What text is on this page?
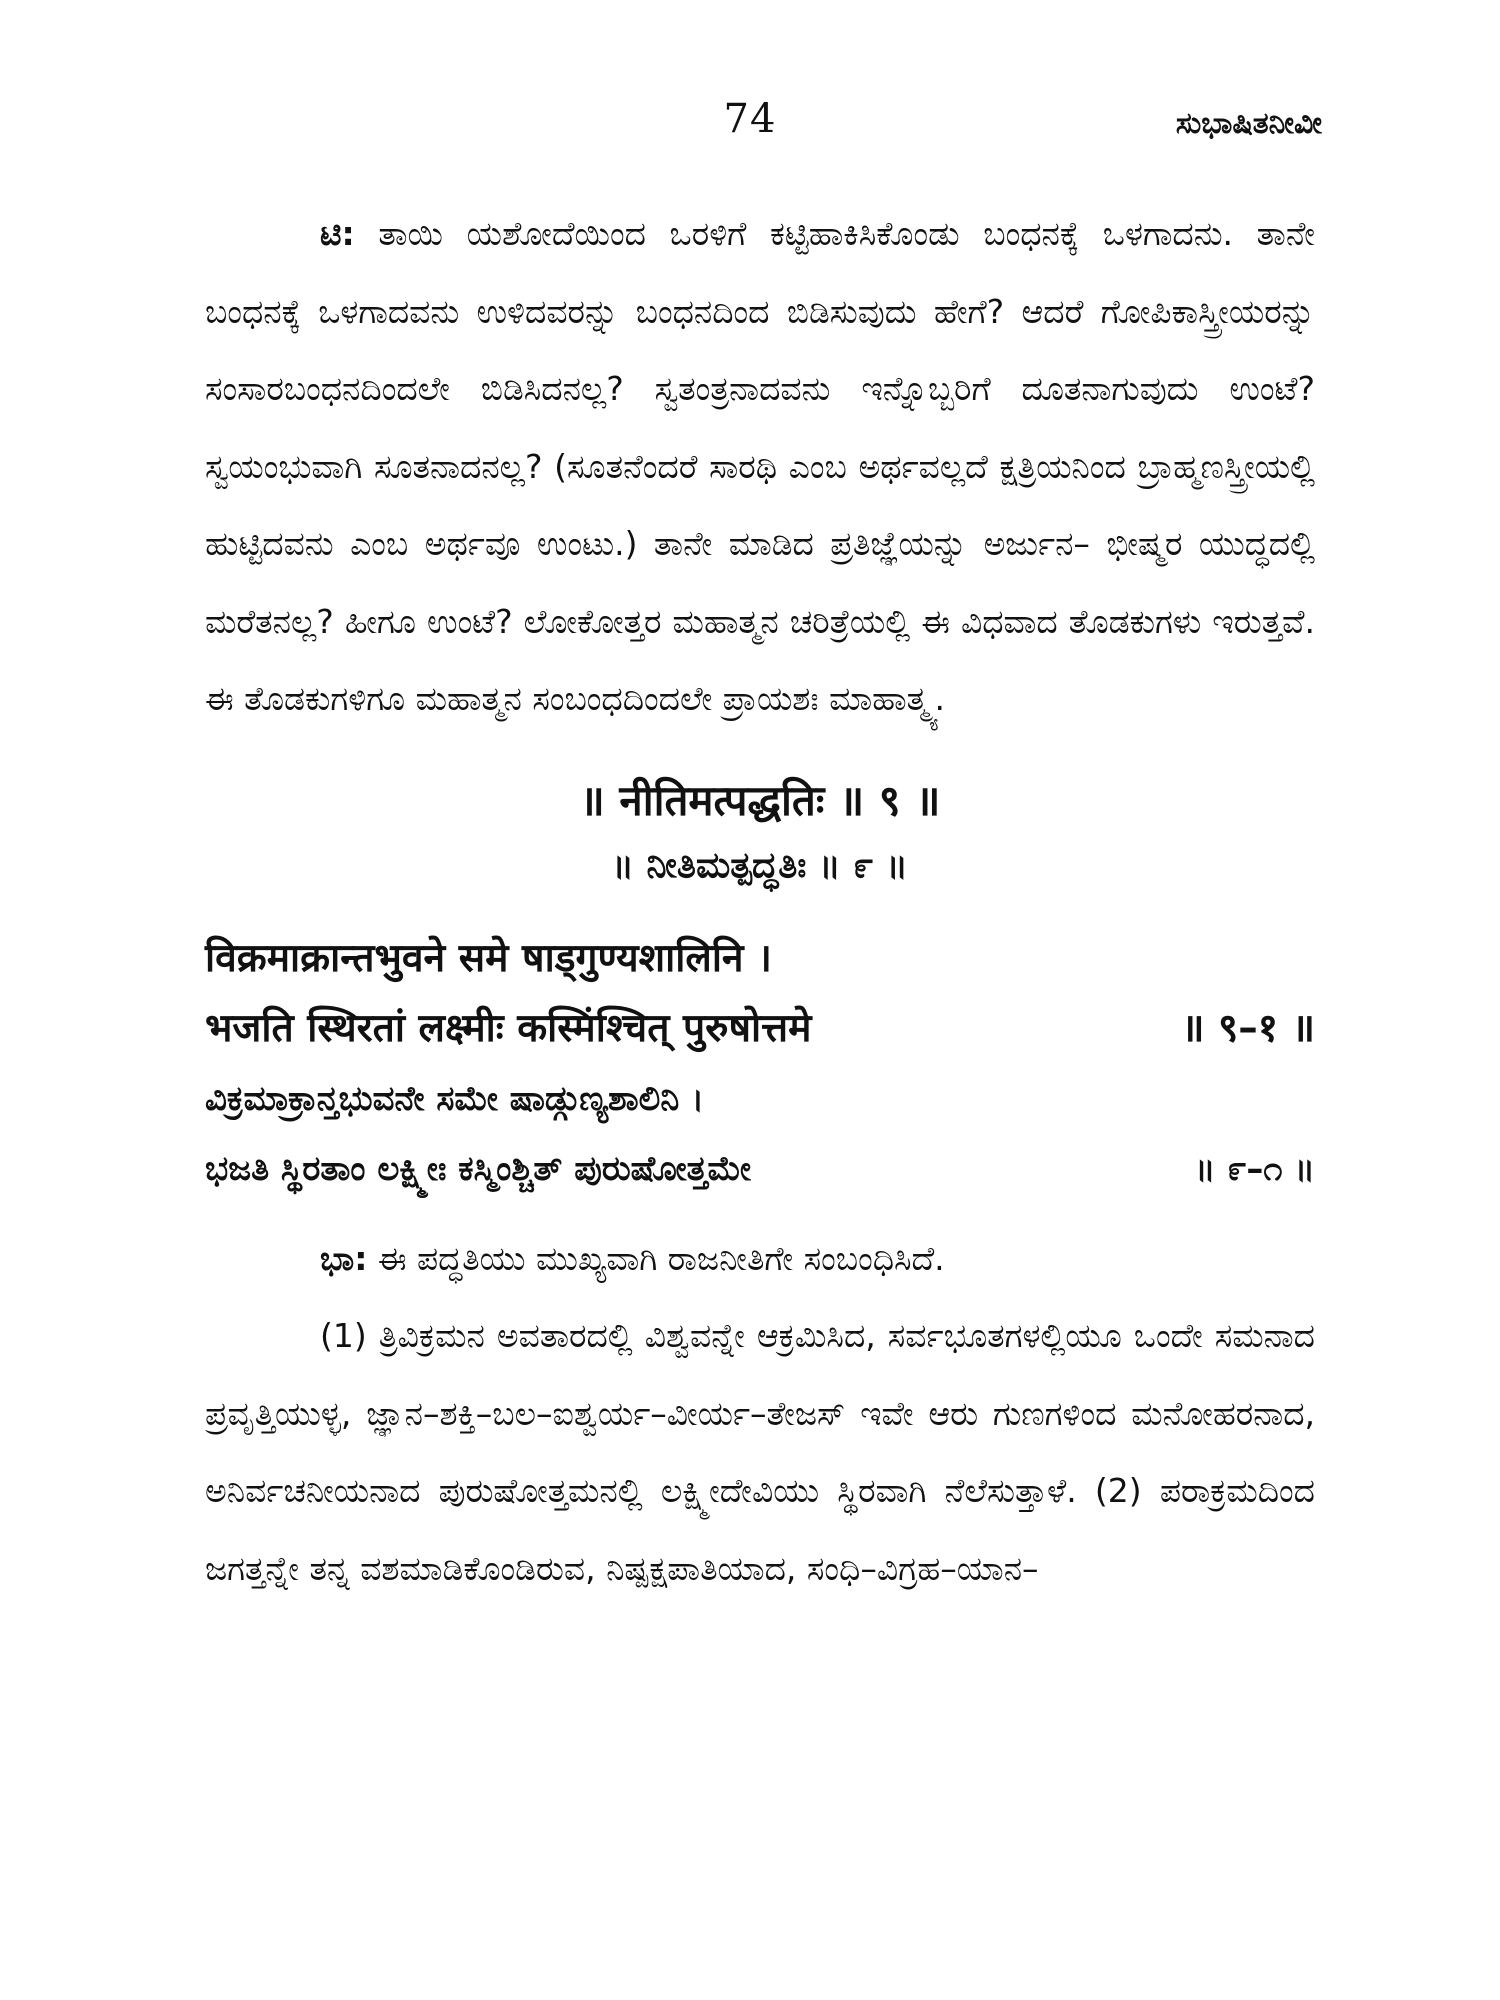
74	ಸುಭಾಷಿತನೀವೀ

ಟಿ: ತಾಯಿ ಯಶೋದೆಯಿಂದ ಒರಳಿಗೆ ಕಟ್ಟಿಹಾಕಿಸಿಕೊಂಡು ಬಂಧನಕ್ಕೆ ಒಳಗಾದನು. ತಾನೇ ಬಂಧನಕ್ಕೆ ಒಳಗಾದವನು ಉಳಿದವರನ್ನು ಬಂಧನದಿಂದ ಬಿಡಿಸುವುದು ಹೇಗೆ? ಆದರೆ ಗೋಪಿಕಾಸ್ತ್ರೀಯರನ್ನು ಸಂಸಾರಬಂಧನದಿಂದಲೇ ಬಿಡಿಸಿದನಲ್ಲ? ಸ್ವತಂತ್ರನಾದವನು ಇನ್ನೊಬ್ಬರಿಗೆ ದೂತನಾಗುವುದು ಉಂಟೆ? ಸ್ವಯಂಭುವಾಗಿ ಸೂತನಾದನಲ್ಲ? (ಸೂತನೆಂದರೆ ಸಾರಥಿ ಎಂಬ ಅರ್ಥವಲ್ಲದೆ ಕ್ಷತ್ರಿಯನಿಂದ ಬ್ರಾಹ್ಮಣಸ್ತ್ರೀಯಲ್ಲಿ ಹುಟ್ಟಿದವನು ಎಂಬ ಅರ್ಥವೂ ಉಂಟು.) ತಾನೇ ಮಾಡಿದ ಪ್ರತಿಜ್ಞೆಯನ್ನು ಅರ್ಜುನ– ಭೀಷ್ಮರ ಯುದ್ಧದಲ್ಲಿ ಮರೆತನಲ್ಲ? ಹೀಗೂ ಉಂಟೆ? ಲೋಕೋತ್ತರ ಮಹಾತ್ಮನ ಚರಿತ್ರೆಯಲ್ಲಿ ಈ ವಿಧವಾದ ತೊಡಕುಗಳು ಇರುತ್ತವೆ. ಈ ತೊಡಕುಗಳಿಗೂ ಮಹಾತ್ಮನ ಸಂಬಂಧದಿಂದಲೇ ಪ್ರಾಯಶಃ ಮಾಹಾತ್ಮ್ಯ.

॥ नीतिमत्पद्धतिः ॥ ९ ॥

॥ ನೀತಿಮತ್ಪದ್ಧತಿಃ ॥ ೯ ॥

विक्रमाक्रान्तभुवने समे षाड्गुण्यशालिनि ।

भजति स्थिरतां लक्ष्मीः कस्मिंश्चित् पुरुषोत्तमे	॥ ९–१ ॥

ವಿಕ್ರಮಾಕ್ರಾನ್ತಭುವನೇ ಸಮೇ ಷಾಡ್ಗುಣ್ಯಶಾಲಿನಿ ।

ಭಜತಿ ಸ್ಥಿರತಾಂ ಲಕ್ಷ್ಮೀಃ ಕಸ್ಮಿಂಶ್ಚಿತ್ ಪುರುಷೋತ್ತಮೇ	॥ ೯–೧ ॥

ಭಾ: ಈ ಪದ್ಧತಿಯು ಮುಖ್ಯವಾಗಿ ರಾಜನೀತಿಗೇ ಸಂಬಂಧಿಸಿದೆ.

(1) ತ್ರಿವಿಕ್ರಮನ ಅವತಾರದಲ್ಲಿ ವಿಶ್ವವನ್ನೇ ಆಕ್ರಮಿಸಿದ, ಸರ್ವಭೂತಗಳಲ್ಲಿಯೂ ಒಂದೇ ಸಮನಾದ ಪ್ರವೃತ್ತಿಯುಳ್ಳ, ಜ್ಞಾನ–ಶಕ್ತಿ–ಬಲ–ಐಶ್ವರ್ಯ–ವೀರ್ಯ–ತೇಜಸ್ ಇವೇ ಆರು ಗುಣಗಳಿಂದ ಮನೋಹರನಾದ, ಅನಿರ್ವಚನೀಯನಾದ ಪುರುಷೋತ್ತಮನಲ್ಲಿ ಲಕ್ಷ್ಮೀದೇವಿಯು ಸ್ಥಿರವಾಗಿ ನೆಲೆಸುತ್ತಾಳೆ. (2) ಪರಾಕ್ರಮದಿಂದ ಜಗತ್ತನ್ನೇ ತನ್ನ ವಶಮಾಡಿಕೊಂಡಿರುವ, ನಿಷ್ಪಕ್ಷಪಾತಿಯಾದ, ಸಂಧಿ–ವಿಗ್ರಹ–ಯಾನ–
